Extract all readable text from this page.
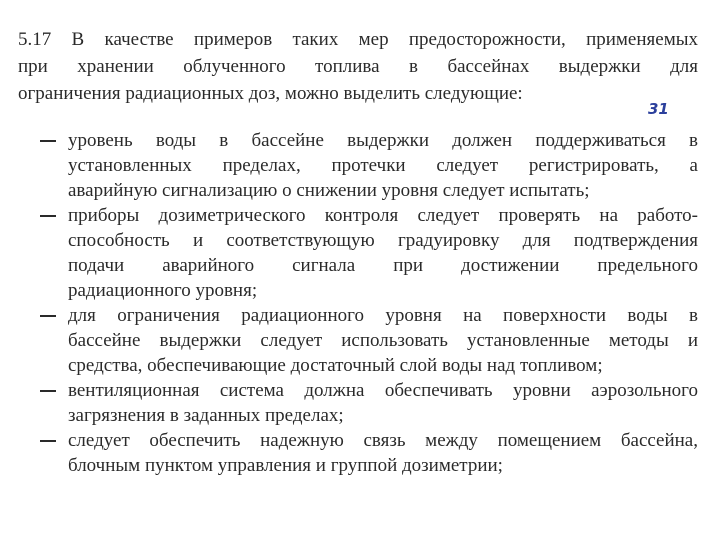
5.17 В качестве примеров таких мер предосторожности, применяемых
при хранении облученного топлива в бассейнах выдержки для
ограничения радиационных доз, можно выделить следующие:
31
уровень воды в бассейне выдержки должен поддерживаться в
установленных пределах, протечки следует регистрировать, а
аварийную сигнализацию о снижении уровня следует испытать;
приборы дозиметрического контроля следует проверять на работо-
способность и соответствующую градуировку для подтверждения
подачи аварийного сигнала при достижении предельного
радиационного уровня;
для ограничения радиационного уровня на поверхности воды в
бассейне выдержки следует использовать установленные методы и
средства, обеспечивающие достаточный слой воды над топливом;
вентиляционная система должна обеспечивать уровни аэрозольного
загрязнения в заданных пределах;
следует обеспечить надежную связь между помещением бассейна,
блочным пунктом управления и группой дозиметрии;
